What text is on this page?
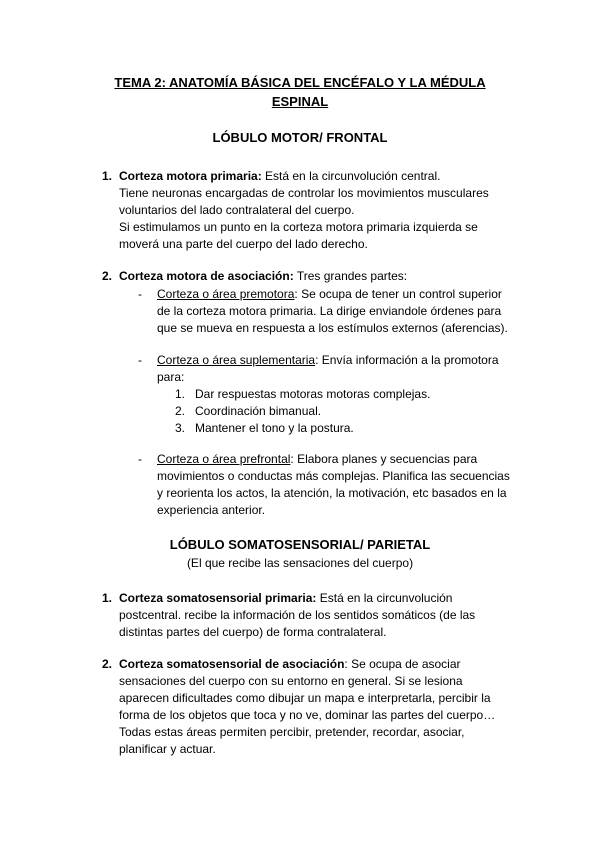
TEMA 2: ANATOMÍA BÁSICA DEL ENCÉFALO Y LA MÉDULA
ESPINAL
LÓBULO MOTOR/ FRONTAL
1. Corteza motora primaria: Está en la circunvolución central.
Tiene neuronas encargadas de controlar los movimientos musculares
voluntarios del lado contralateral del cuerpo.
Si estimulamos un punto en la corteza motora primaria izquierda se
moverá una parte del cuerpo del lado derecho.
2. Corteza motora de asociación: Tres grandes partes:
- Corteza o área premotora: Se ocupa de tener un control superior
de la corteza motora primaria. La dirige enviandole órdenes para
que se mueva en respuesta a los estímulos externos (aferencias).
- Corteza o área suplementaria: Envía información a la promotora
para:
1. Dar respuestas motoras motoras complejas.
2. Coordinación bimanual.
3. Mantener el tono y la postura.
- Corteza o área prefrontal: Elabora planes y secuencias para
movimientos o conductas más complejas. Planifica las secuencias
y reorienta los actos, la atención, la motivación, etc basados en la
experiencia anterior.
LÓBULO SOMATOSENSORIAL/ PARIETAL
(El que recibe las sensaciones del cuerpo)
1. Corteza somatosensorial primaria: Está en la circunvolución
postcentral. recibe la información de los sentidos somáticos (de las
distintas partes del cuerpo) de forma contralateral.
2. Corteza somatosensorial de asociación: Se ocupa de asociar
sensaciones del cuerpo con su entorno en general. Si se lesiona
aparecen dificultades como dibujar un mapa e interpretarla, percibir la
forma de los objetos que toca y no ve, dominar las partes del cuerpo…
Todas estas áreas permiten percibir, pretender, recordar, asociar,
planificar y actuar.
